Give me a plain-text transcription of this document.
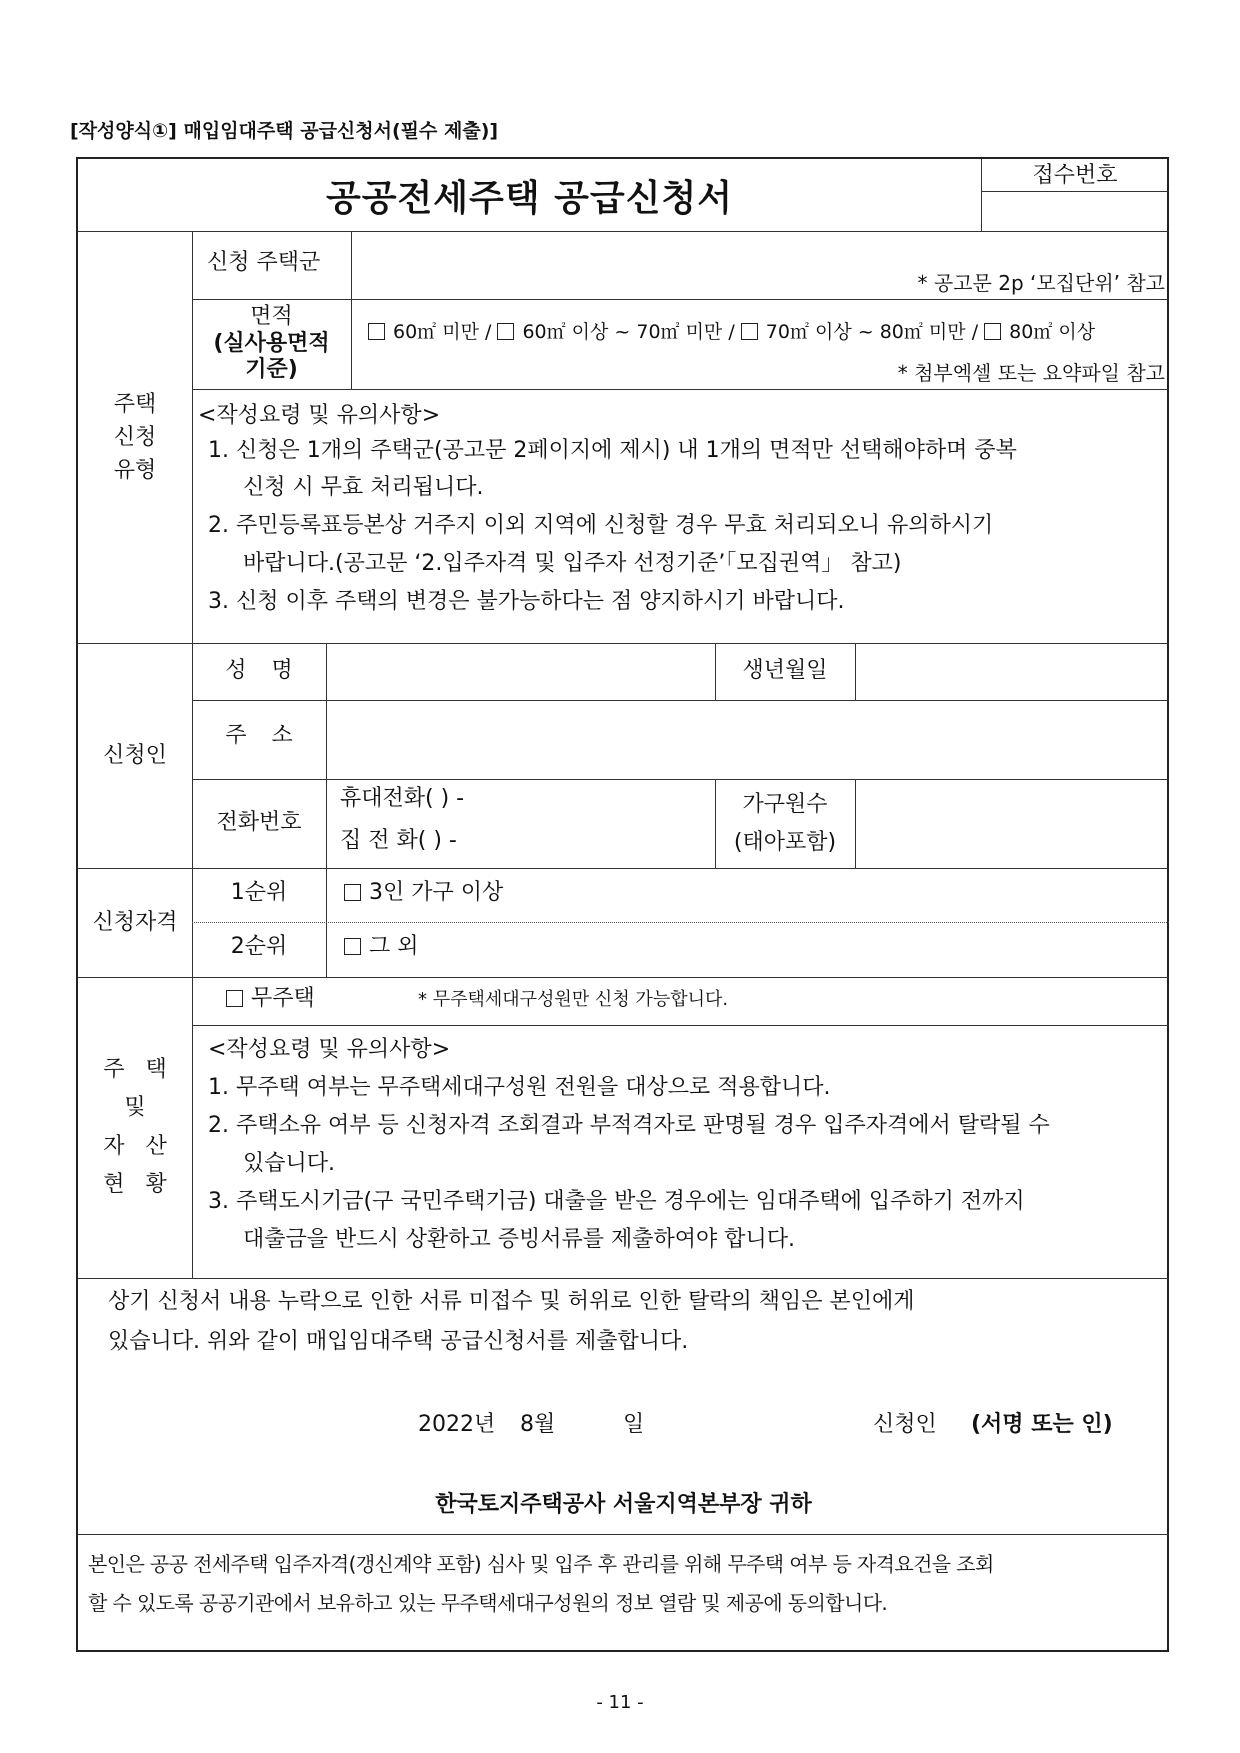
[작성양식①] 매입임대주택 공급신청서(필수 제출)]
공공전세주택 공급신청서
접수번호
주택
신청
유형
신청 주택군
* 공고문 2p ‘모집단위’ 참고
면적
(실사용면적
기준)
60㎡ 미만 / 60㎡ 이상 ~ 70㎡ 미만 / 70㎡ 이상 ~ 80㎡ 미만 / 80㎡ 이상
* 첨부엑셀 또는 요약파일 참고
<작성요령 및 유의사항>
1. 신청은 1개의 주택군(공고문 2페이지에 제시) 내 1개의 면적만 선택해야하며 중복
신청 시 무효 처리됩니다.
2. 주민등록표등본상 거주지 이외 지역에 신청할 경우 무효 처리되오니 유의하시기
바랍니다.(공고문 ‘2.입주자격 및 입주자 선정기준’「모집권역」 참고)
3. 신청 이후 주택의 변경은 불가능하다는 점 양지하시기 바랍니다.
신청인
성 명	생년월일
주 소
전화번호
휴대전화( ) -
집 전 화( ) -
가구원수
(태아포함)
신청자격
1순위	3인 가구 이상
2순위	그 외
주 택
및
자 산
현 황
무주택	* 무주택세대구성원만 신청 가능합니다.
<작성요령 및 유의사항>
1. 무주택 여부는 무주택세대구성원 전원을 대상으로 적용합니다.
2. 주택소유 여부 등 신청자격 조회결과 부적격자로 판명될 경우 입주자격에서 탈락될 수
있습니다.
3. 주택도시기금(구 국민주택기금) 대출을 받은 경우에는 임대주택에 입주하기 전까지
대출금을 반드시 상환하고 증빙서류를 제출하여야 합니다.
상기 신청서 내용 누락으로 인한 서류 미접수 및 허위로 인한 탈락의 책임은 본인에게
있습니다. 위와 같이 매입임대주택 공급신청서를 제출합니다.
2022년 8월	일	신청인 (서명 또는 인)
한국토지주택공사 서울지역본부장 귀하
본인은 공공 전세주택 입주자격(갱신계약 포함) 심사 및 입주 후 관리를 위해 무주택 여부 등 자격요건을 조회
할 수 있도록 공공기관에서 보유하고 있는 무주택세대구성원의 정보 열람 및 제공에 동의합니다.
- 11 -
